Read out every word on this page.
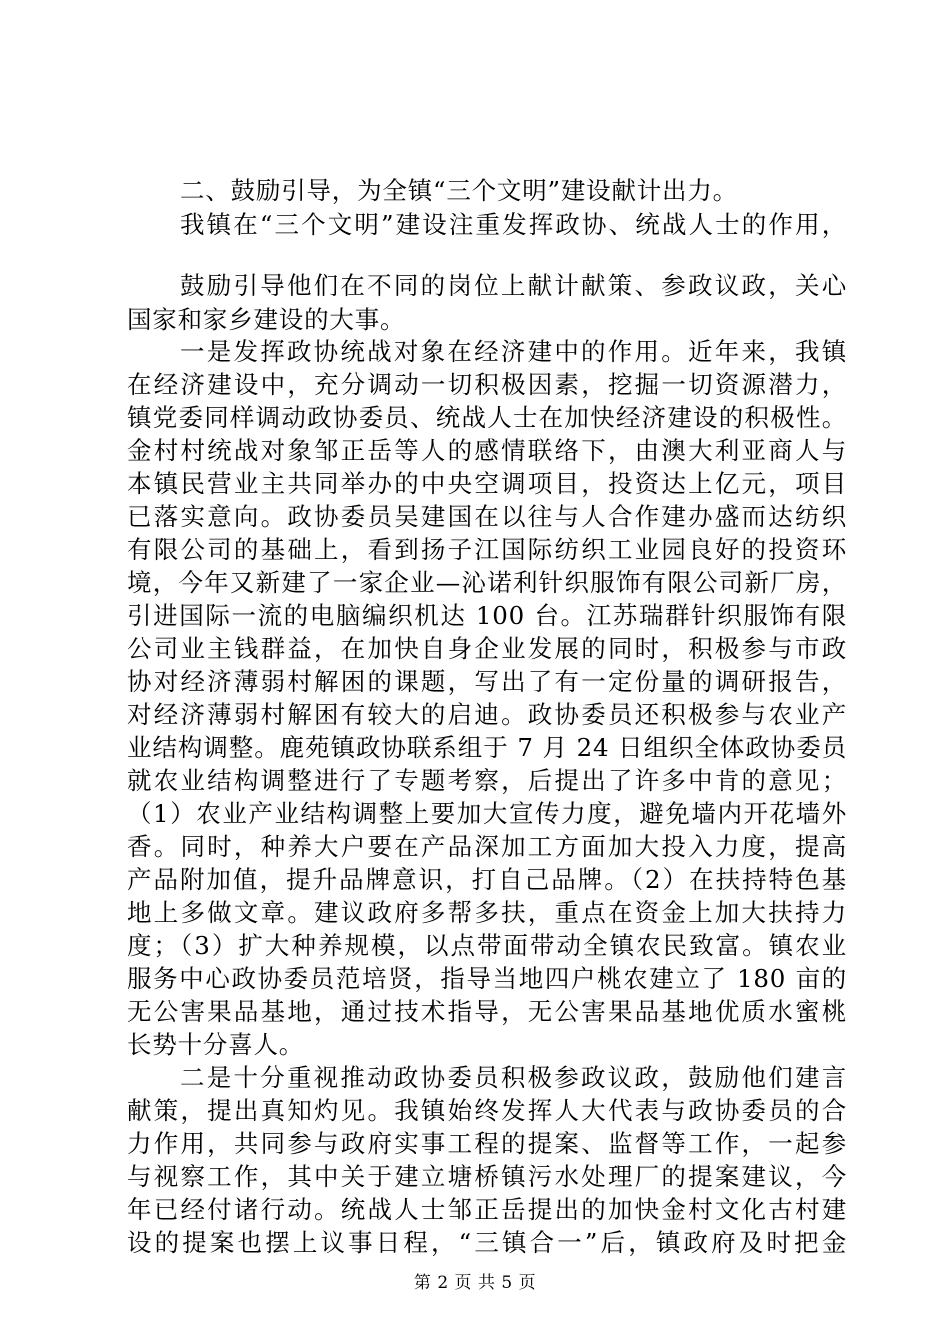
二、鼓励引导，为全镇“三个文明”建设献计出力。
我镇在“三个文明”建设注重发挥政协、统战人士的作用，
鼓励引导他们在不同的岗位上献计献策、参政议政，关心
国家和家乡建设的大事。
一是发挥政协统战对象在经济建中的作用。近年来，我镇
在经济建设中，充分调动一切积极因素，挖掘一切资源潜力，
镇党委同样调动政协委员、统战人士在加快经济建设的积极性。
金村村统战对象邹正岳等人的感情联络下，由澳大利亚商人与
本镇民营业主共同举办的中央空调项目，投资达上亿元，项目
已落实意向。政协委员吴建国在以往与人合作建办盛而达纺织
有限公司的基础上，看到扬子江国际纺织工业园良好的投资环
境，今年又新建了一家企业—沁诺利针织服饰有限公司新厂房，
引进国际一流的电脑编织机达 100 台。江苏瑞群针织服饰有限
公司业主钱群益，在加快自身企业发展的同时，积极参与市政
协对经济薄弱村解困的课题，写出了有一定份量的调研报告，
对经济薄弱村解困有较大的启迪。政协委员还积极参与农业产
业结构调整。鹿苑镇政协联系组于 7 月 24 日组织全体政协委员
就农业结构调整进行了专题考察，后提出了许多中肯的意见；
（1）农业产业结构调整上要加大宣传力度，避免墙内开花墙外
香。同时，种养大户要在产品深加工方面加大投入力度，提高
产品附加值，提升品牌意识，打自己品牌。（2）在扶持特色基
地上多做文章。建议政府多帮多扶，重点在资金上加大扶持力
度；（3）扩大种养规模，以点带面带动全镇农民致富。镇农业
服务中心政协委员范培贤，指导当地四户桃农建立了 180 亩的
无公害果品基地，通过技术指导，无公害果品基地优质水蜜桃
长势十分喜人。
二是十分重视推动政协委员积极参政议政，鼓励他们建言
献策，提出真知灼见。我镇始终发挥人大代表与政协委员的合
力作用，共同参与政府实事工程的提案、监督等工作，一起参
与视察工作，其中关于建立塘桥镇污水处理厂的提案建议，今
年已经付诸行动。统战人士邹正岳提出的加快金村文化古村建
设的提案也摆上议事日程，“三镇合一”后，镇政府及时把金
第 2 页 共 5 页
